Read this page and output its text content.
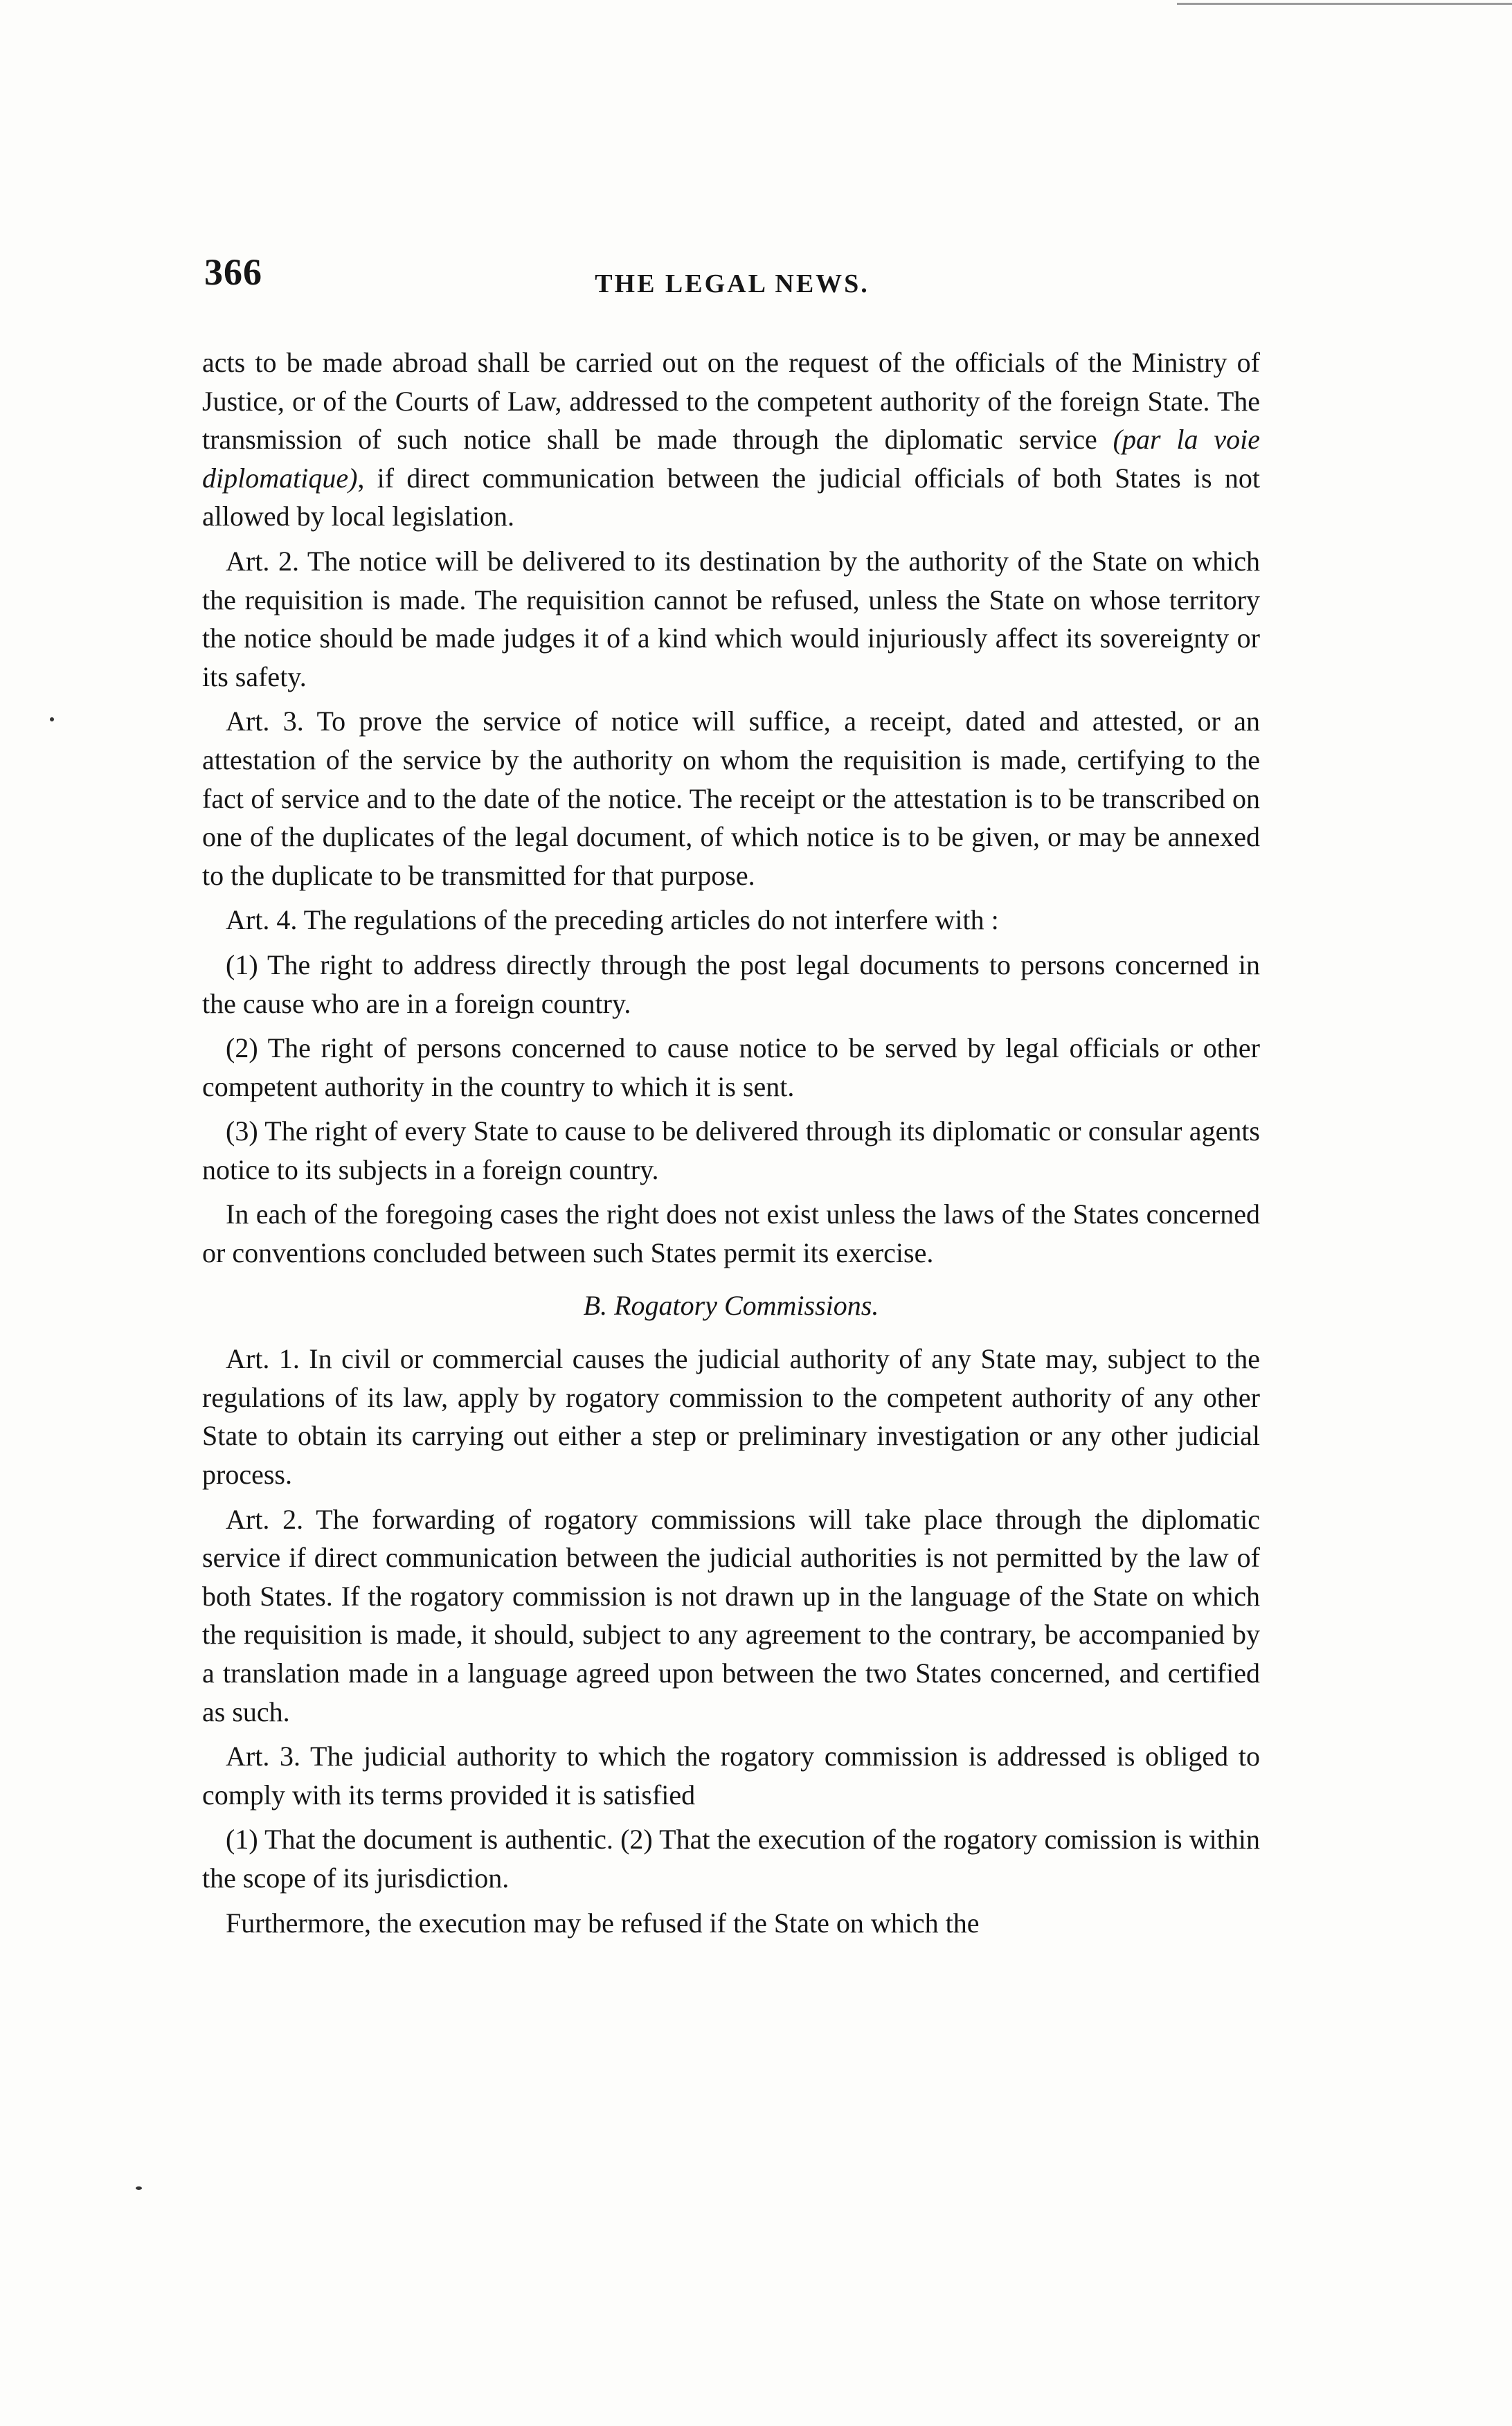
366	THE LEGAL NEWS.

acts to be made abroad shall be carried out on the request of the officials of the Ministry of Justice, or of the Courts of Law, addressed to the competent authority of the foreign State. The transmission of such notice shall be made through the diplomatic service (par la voie diplomatique), if direct communication between the judicial officials of both States is not allowed by local legislation.

Art. 2. The notice will be delivered to its destination by the authority of the State on which the requisition is made. The requisition cannot be refused, unless the State on whose territory the notice should be made judges it of a kind which would injuriously affect its sovereignty or its safety.

Art. 3. To prove the service of notice will suffice, a receipt, dated and attested, or an attestation of the service by the authority on whom the requisition is made, certifying to the fact of service and to the date of the notice. The receipt or the attestation is to be transcribed on one of the duplicates of the legal document, of which notice is to be given, or may be annexed to the duplicate to be transmitted for that purpose.

Art. 4. The regulations of the preceding articles do not interfere with :

(1) The right to address directly through the post legal documents to persons concerned in the cause who are in a foreign country.

(2) The right of persons concerned to cause notice to be served by legal officials or other competent authority in the country to which it is sent.

(3) The right of every State to cause to be delivered through its diplomatic or consular agents notice to its subjects in a foreign country.

In each of the foregoing cases the right does not exist unless the laws of the States concerned or conventions concluded between such States permit its exercise.

B. Rogatory Commissions.

Art. 1. In civil or commercial causes the judicial authority of any State may, subject to the regulations of its law, apply by rogatory commission to the competent authority of any other State to obtain its carrying out either a step or preliminary investigation or any other judicial process.

Art. 2. The forwarding of rogatory commissions will take place through the diplomatic service if direct communication between the judicial authorities is not permitted by the law of both States. If the rogatory commission is not drawn up in the language of the State on which the requisition is made, it should, subject to any agreement to the contrary, be accompanied by a translation made in a language agreed upon between the two States concerned, and certified as such.

Art. 3. The judicial authority to which the rogatory commission is addressed is obliged to comply with its terms provided it is satisfied

(1) That the document is authentic. (2) That the execution of the rogatory comission is within the scope of its jurisdiction.

Furthermore, the execution may be refused if the State on which the
